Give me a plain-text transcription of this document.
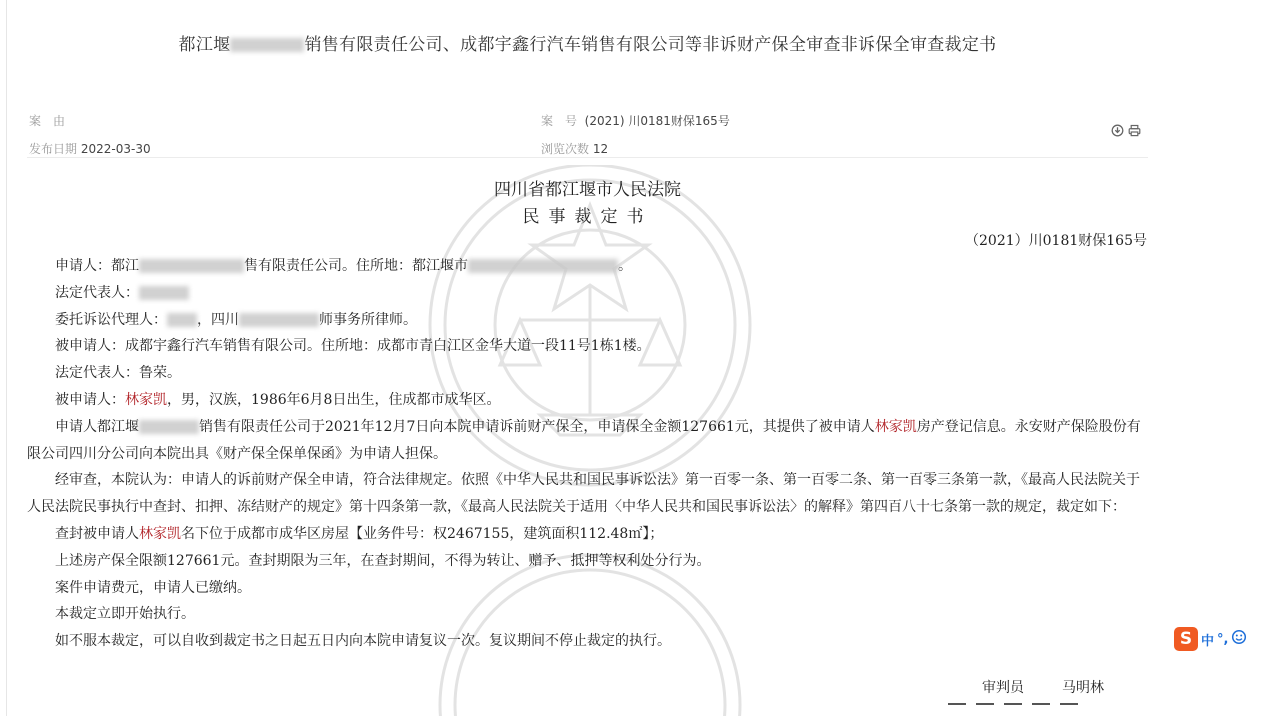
都江堰	销售有限责任公司、成都宇鑫行汽车销售有限公司等非诉财产保全审查非诉保全审查裁定书
案　由
发布日期 2022-03-30
案　号 (2021) 川0181财保165号
浏览次数 12
四川省都江堰市人民法院
民事裁定书
（2021）川0181财保165号

申请人：都江	售有限责任公司。住所地：都江堰市	。

法定代表人：

委托诉讼代理人： ，四川	师事务所律师。

被申请人：成都宇鑫行汽车销售有限公司。住所地：成都市青白江区金华大道一段11号1栋1楼。

法定代表人：鲁荣。

被申请人：林家凯，男，汉族，1986年6月8日出生，住成都市成华区。

申请人都江堰	销售有限责任公司于2021年12月7日向本院申请诉前财产保全，申请保全金额127661元，其提供了被申请人林家凯房产登记信息。永安财产保险股份有限公司四川分公司向本院出具《财产保全保单保函》为申请人担保。

经审查，本院认为：申请人的诉前财产保全申请，符合法律规定。依照《中华人民共和国民事诉讼法》第一百零一条、第一百零二条、第一百零三条第一款，《最高人民法院关于人民法院民事执行中查封、扣押、冻结财产的规定》第十四条第一款，《最高人民法院关于适用〈中华人民共和国民事诉讼法〉的解释》第四百八十七条第一款的规定，裁定如下：

查封被申请人林家凯名下位于成都市成华区房屋【业务件号：权2467155，建筑面积112.48㎡】；

上述房产保全限额127661元。查封期限为三年，在查封期间，不得为转让、赠予、抵押等权利处分行为。

案件申请费元，申请人已缴纳。

本裁定立即开始执行。

如不服本裁定，可以自收到裁定书之日起五日内向本院申请复议一次。复议期间不停止裁定的执行。

审判员	马明林
S 中 °,
